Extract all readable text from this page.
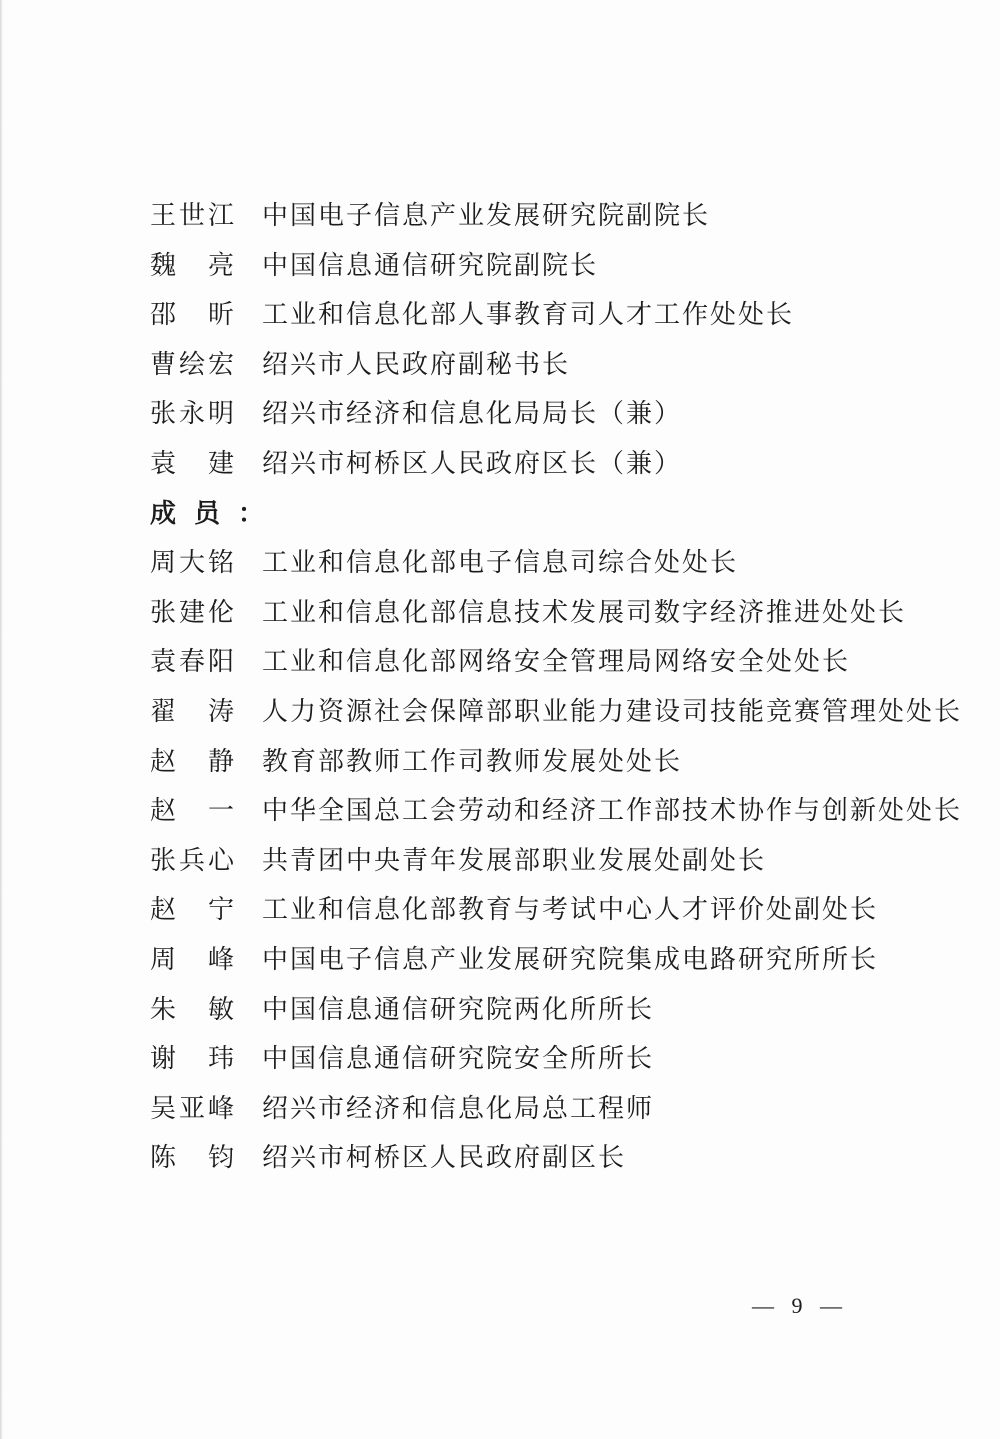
王世江 中国电子信息产业发展研究院副院长
魏 亮 中国信息通信研究院副院长
邵 昕 工业和信息化部人事教育司人才工作处处长
曹绘宏 绍兴市人民政府副秘书长
张永明 绍兴市经济和信息化局局长（兼）
袁 建 绍兴市柯桥区人民政府区长（兼）
成员：
周大铭 工业和信息化部电子信息司综合处处长
张建伦 工业和信息化部信息技术发展司数字经济推进处处长
袁春阳 工业和信息化部网络安全管理局网络安全处处长
翟 涛 人力资源社会保障部职业能力建设司技能竞赛管理处处长
赵 静 教育部教师工作司教师发展处处长
赵 一 中华全国总工会劳动和经济工作部技术协作与创新处处长
张兵心 共青团中央青年发展部职业发展处副处长
赵 宁 工业和信息化部教育与考试中心人才评价处副处长
周 峰 中国电子信息产业发展研究院集成电路研究所所长
朱 敏 中国信息通信研究院两化所所长
谢 玮 中国信息通信研究院安全所所长
吴亚峰 绍兴市经济和信息化局总工程师
陈 钧 绍兴市柯桥区人民政府副区长
— 9 —
